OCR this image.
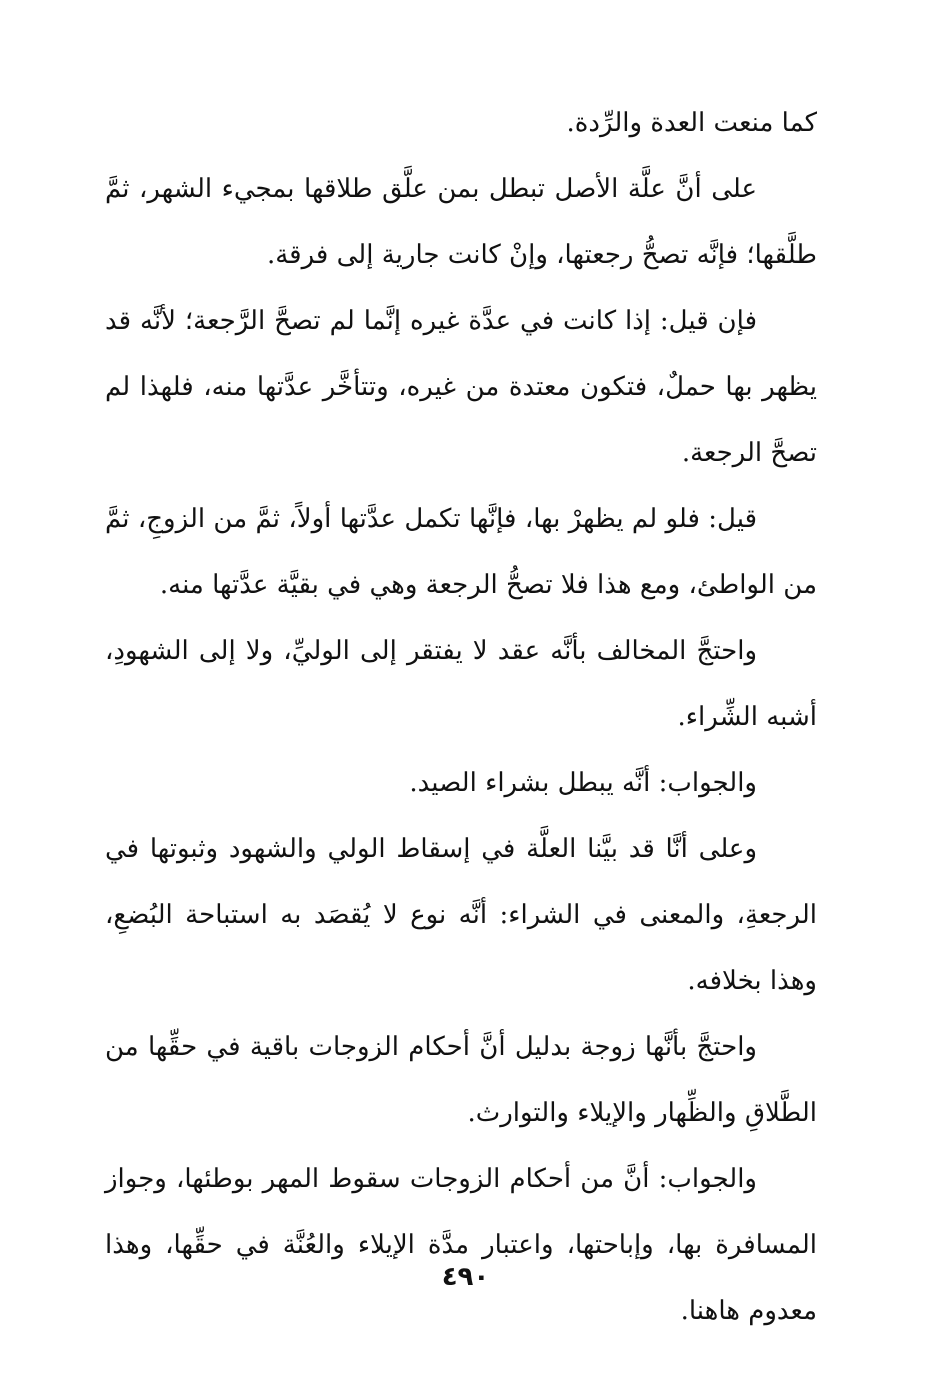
كما منعت العدة والرِّدة.

على أنَّ علَّة الأصل تبطل بمن علَّق طلاقها بمجيء الشهر، ثمَّ طلَّقها؛ فإنَّه تصحُّ رجعتها، وإنْ كانت جارية إلى فرقة.

فإن قيل: إذا كانت في عدَّة غيره إنَّما لم تصحَّ الرَّجعة؛ لأنَّه قد يظهر بها حملٌ، فتكون معتدة من غيره، وتتأخَّر عدَّتها منه، فلهذا لم تصحَّ الرجعة.

قيل: فلو لم يظهرْ بها، فإنَّها تكمل عدَّتها أولاً، ثمَّ من الزوجِ، ثمَّ من الواطئ، ومع هذا فلا تصحُّ الرجعة وهي في بقيَّة عدَّتها منه.

واحتجَّ المخالف بأنَّه عقد لا يفتقر إلى الوليِّ، ولا إلى الشهودِ، أشبه الشِّراء.

والجواب: أنَّه يبطل بشراء الصيد.

وعلى أنَّا قد بيَّنا العلَّة في إسقاط الولي والشهود وثبوتها في الرجعةِ، والمعنى في الشراء: أنَّه نوع لا يُقصَد به استباحة البُضعِ، وهذا بخلافه.

واحتجَّ بأنَّها زوجة بدليل أنَّ أحكام الزوجات باقية في حقِّها من الطَّلاقِ والظِّهار والإيلاء والتوارث.

والجواب: أنَّ من أحكام الزوجات سقوط المهر بوطئها، وجواز المسافرة بها، وإباحتها، واعتبار مدَّة الإيلاء والعُنَّة في حقِّها، وهذا معدوم هاهنا.

٤٩٠
